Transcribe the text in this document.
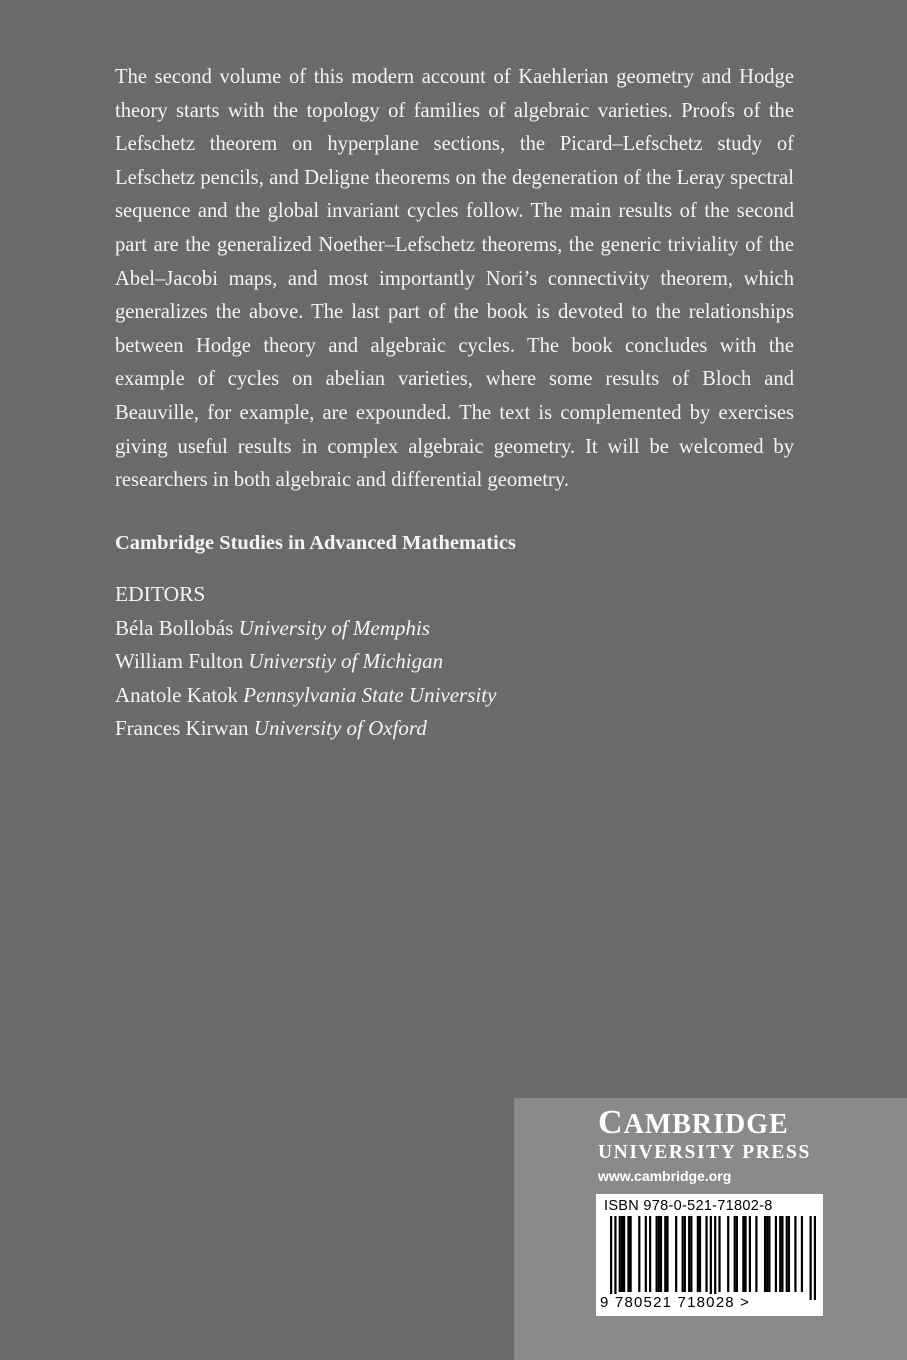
The second volume of this modern account of Kaehlerian geometry and Hodge theory starts with the topology of families of algebraic varieties. Proofs of the Lefschetz theorem on hyperplane sections, the Picard–Lefschetz study of Lefschetz pencils, and Deligne theorems on the degeneration of the Leray spectral sequence and the global invariant cycles follow. The main results of the second part are the generalized Noether–Lefschetz theorems, the generic triviality of the Abel–Jacobi maps, and most importantly Nori’s connectivity theorem, which generalizes the above. The last part of the book is devoted to the relationships between Hodge theory and algebraic cycles. The book concludes with the example of cycles on abelian varieties, where some results of Bloch and Beauville, for example, are expounded. The text is complemented by exercises giving useful results in complex algebraic geometry. It will be welcomed by researchers in both algebraic and differential geometry.

Cambridge Studies in Advanced Mathematics

EDITORS
Béla Bollobás University of Memphis
William Fulton Universtiy of Michigan
Anatole Katok Pennsylvania State University
Frances Kirwan University of Oxford
CAMBRIDGE
UNIVERSITY PRESS
www.cambridge.org
ISBN 978-0-521-71802-8
9 780521 718028 >
